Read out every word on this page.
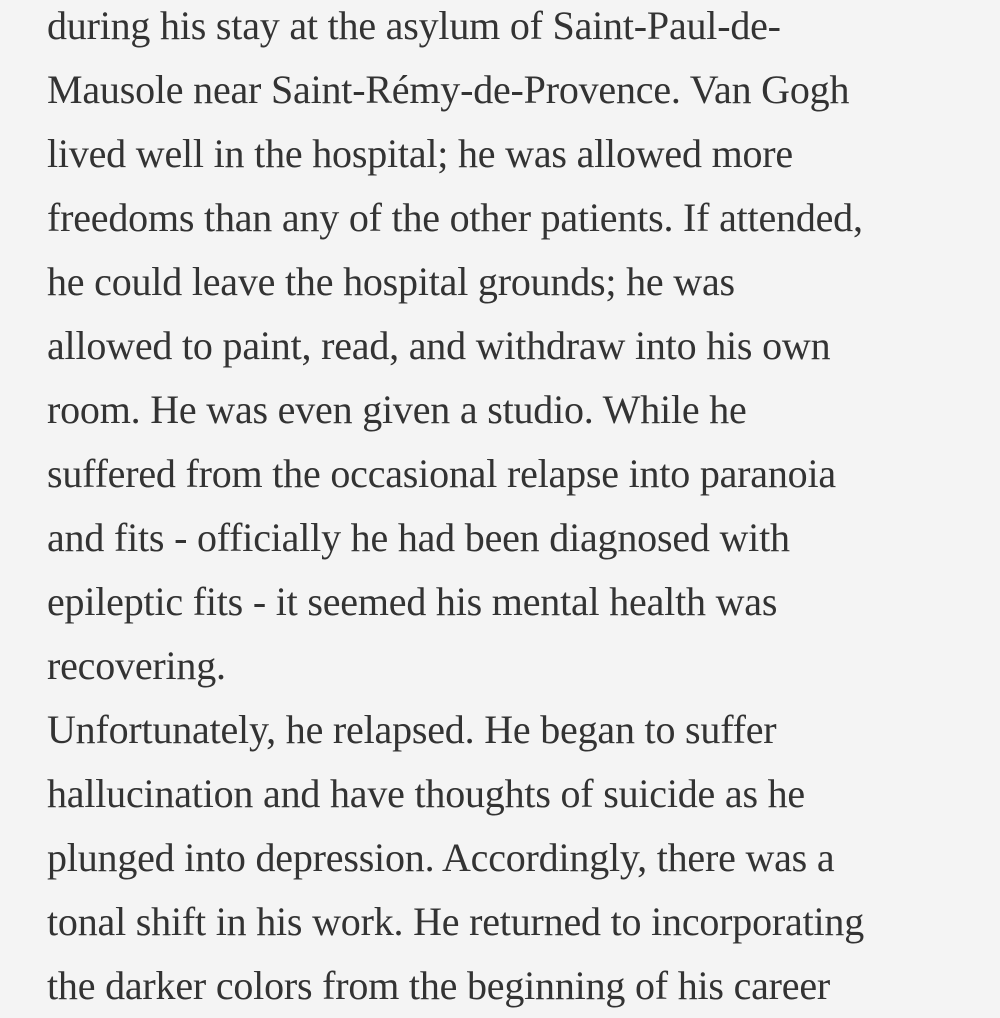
during his stay at the asylum of Saint-Paul-de-
Mausole near Saint-Rémy-de-Provence. Van Gogh
lived well in the hospital; he was allowed more
freedoms than any of the other patients. If attended,
he could leave the hospital grounds; he was
allowed to paint, read, and withdraw into his own
room. He was even given a studio. While he
suffered from the occasional relapse into paranoia
and fits - officially he had been diagnosed with
epileptic fits - it seemed his mental health was
recovering.
Unfortunately, he relapsed. He began to suffer
hallucination and have thoughts of suicide as he
plunged into depression. Accordingly, there was a
tonal shift in his work. He returned to incorporating
the darker colors from the beginning of his career
